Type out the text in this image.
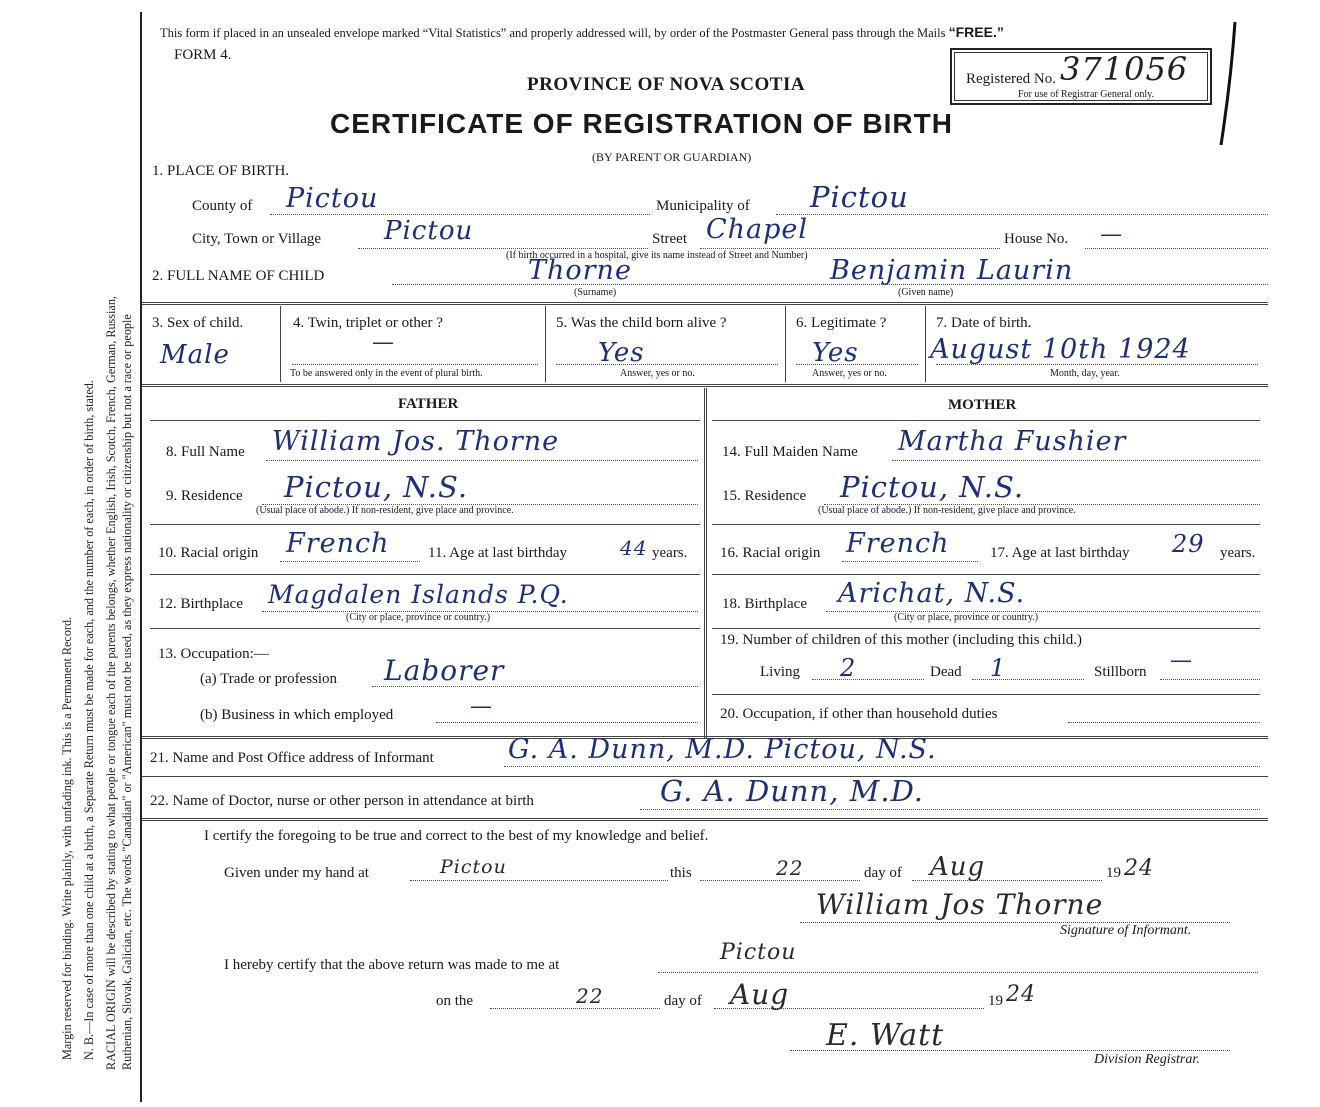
Margin reserved for binding. Write plainly, with unfading ink. This is a Permanent Record. N. B.—In case of more than one child at a birth, a Separate Return must be made for each, and the number of each, in order of birth, stated. RACIAL ORIGIN will be described by stating to what people or tongue each of the parents belongs, whether English, Irish, Scotch, French, German, Russian, Ruthenian, Slovak, Galician, etc. The words "Canadian" or "American" must not be used, as they express nationality or citizenship but not a race or people
This form if placed in an unsealed envelope marked “Vital Statistics” and properly addressed will, by order of the Postmaster General pass through the Mails “FREE.”
FORM 4.
PROVINCE OF NOVA SCOTIA
CERTIFICATE OF REGISTRATION OF BIRTH
(BY PARENT OR GUARDIAN)
Registered No. 371056
For use of Registrar General only.
1. PLACE OF BIRTH.
County of Pictou	Municipality of Pictou
City, Town or Village Pictou	Street Chapel	House No. —
(If birth occurred in a hospital, give its name instead of Street and Number)
2. FULL NAME OF CHILD	Thorne
(Surname)
Benjamin Laurin
(Given name)
3. Sex of child.
Male
4. Twin, triplet or other ?
—
To be answered only in the event of plural birth.
5. Was the child born alive ?
Yes
Answer, yes or no.
6. Legitimate ?
Yes
Answer, yes or no.
7. Date of birth.
August 10th 1924
Month, day, year.
FATHER	MOTHER
8. Full Name William Jos. Thorne
9. Residence Pictou, N.S.
(Usual place of abode.) If non-resident, give place and province.
10. Racial origin French	11. Age at last birthday	44 years.
12. Birthplace Magdalen Islands P.Q.
(City or place, province or country.)
13. Occupation:—
(a) Trade or profession Laborer
(b) Business in which employed	—
14. Full Maiden Name Martha Fushier
15. Residence Pictou, N.S.
(Usual place of abode.) If non-resident, give place and province.
16. Racial origin French	17. Age at last birthday 29 years.
18. Birthplace Arichat, N.S.
(City or place, province or country.)
19. Number of children of this mother (including this child.)
Living 2	Dead 1	Stillborn —
20. Occupation, if other than household duties
21. Name and Post Office address of Informant	G. A. Dunn, M.D. Pictou, N.S.
22. Name of Doctor, nurse or other person in attendance at birth	G. A. Dunn, M.D.
I certify the foregoing to be true and correct to the best of my knowledge and belief.
Given under my hand at	Pictou	this	22	day of Aug	19 24
William Jos Thorne
Signature of Informant.
I hereby certify that the above return was made to me at	Pictou
on the	22	day of Aug	19 24
E. Watt
Division Registrar.
